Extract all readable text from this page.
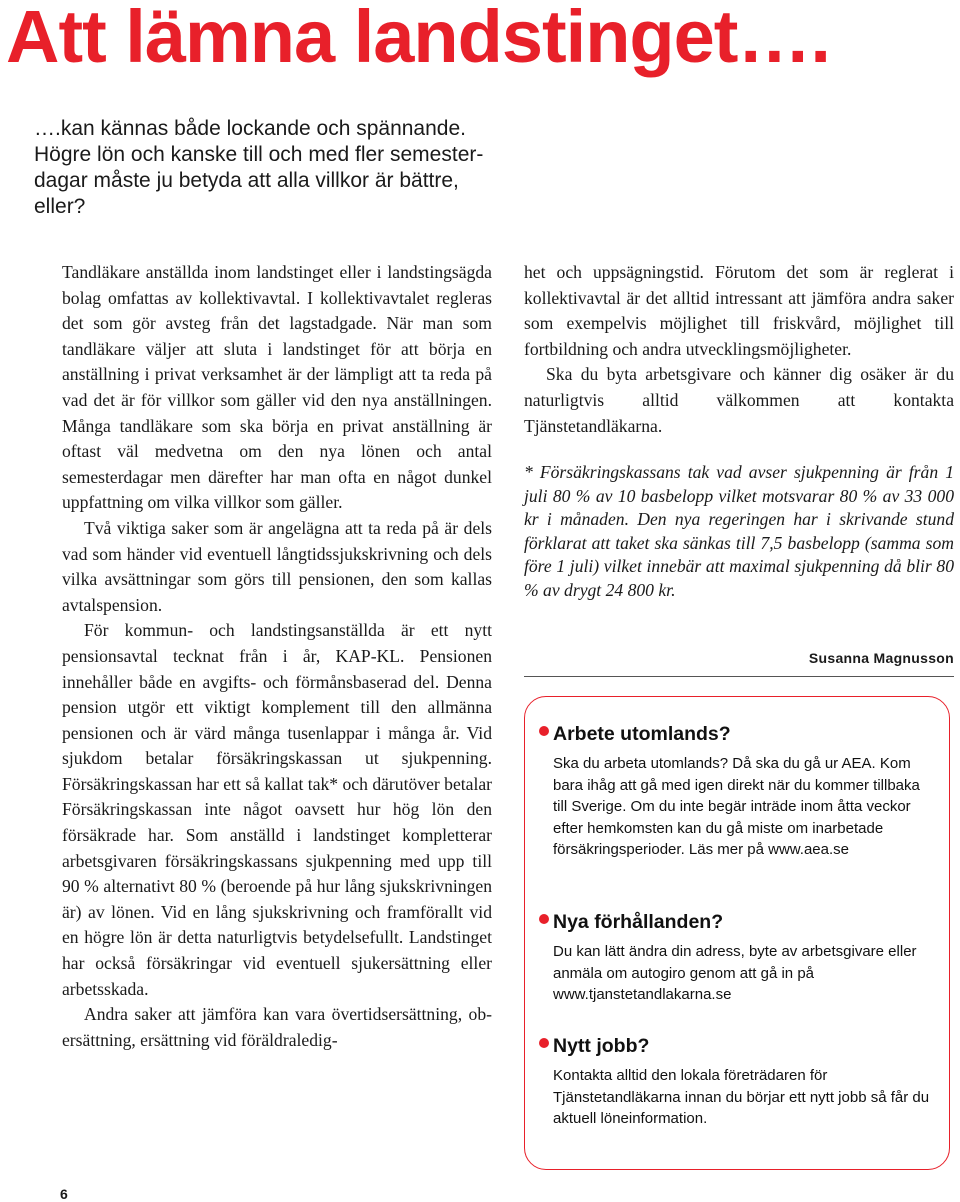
Att lämna landstinget….
….kan kännas både lockande och spännande.
Högre lön och kanske till och med fler semester-
dagar måste ju betyda att alla villkor är bättre,
eller?

Tandläkare anställda inom landstinget eller i landstingsägda bolag omfattas av kollektivavtal. I kollektivavtalet regleras det som gör avsteg från det lagstadgade. När man som tandläkare väljer att sluta i landstinget för att börja en anställning i privat verksamhet är der lämpligt att ta reda på vad det är för villkor som gäller vid den nya anställningen. Många tandläkare som ska börja en privat anställning är oftast väl medvetna om den nya lönen och antal semesterdagar men därefter har man ofta en något dunkel uppfattning om vilka villkor som gäller.

Två viktiga saker som är angelägna att ta reda på är dels vad som händer vid eventuell långtidssjukskrivning och dels vilka avsättningar som görs till pensionen, den som kallas avtalspension.

För kommun- och landstingsanställda är ett nytt pensionsavtal tecknat från i år, KAP-KL. Pensionen innehåller både en avgifts- och förmånsbaserad del. Denna pension utgör ett viktigt komplement till den allmänna pensionen och är värd många tusenlappar i många år. Vid sjukdom betalar försäkringskassan ut sjukpenning. Försäkringskassan har ett så kallat tak* och därutöver betalar Försäkringskassan inte något oavsett hur hög lön den försäkrade har. Som anställd i landstinget kompletterar arbetsgivaren försäkringskassans sjukpenning med upp till 90 % alternativt 80 % (beroende på hur lång sjukskrivningen är) av lönen. Vid en lång sjukskrivning och framförallt vid en högre lön är detta naturligtvis betydelsefullt. Landstinget har också försäkringar vid eventuell sjukersättning eller arbetsskada.

Andra saker att jämföra kan vara övertidsersättning, ob-ersättning, ersättning vid föräldraledig-

het och uppsägningstid. Förutom det som är reglerat i kollektivavtal är det alltid intressant att jämföra andra saker som exempelvis möjlighet till friskvård, möjlighet till fortbildning och andra utvecklingsmöjligheter.

Ska du byta arbetsgivare och känner dig osäker är du naturligtvis alltid välkommen att kontakta Tjänstetandläkarna.

* Försäkringskassans tak vad avser sjukpenning är från 1 juli 80 % av 10 basbelopp vilket motsvarar 80 % av 33 000 kr i månaden. Den nya regeringen har i skrivande stund förklarat att taket ska sänkas till 7,5 basbelopp (samma som före 1 juli) vilket innebär att maximal sjukpenning då blir 80 % av drygt 24 800 kr.

Susanna Magnusson
Arbete utomlands?
Ska du arbeta utomlands? Då ska du gå ur AEA. Kom bara ihåg att gå med igen direkt när du kommer tillbaka till Sverige. Om du inte begär inträde inom åtta veckor efter hemkomsten kan du gå miste om inarbetade försäkringsperioder. Läs mer på www.aea.se
Nya förhållanden?
Du kan lätt ändra din adress, byte av arbetsgivare eller anmäla om autogiro genom att gå in på www.tjanstetandlakarna.se
Nytt jobb?
Kontakta alltid den lokala företrädaren för Tjänstetandläkarna innan du börjar ett nytt jobb så får du aktuell löneinformation.
6
